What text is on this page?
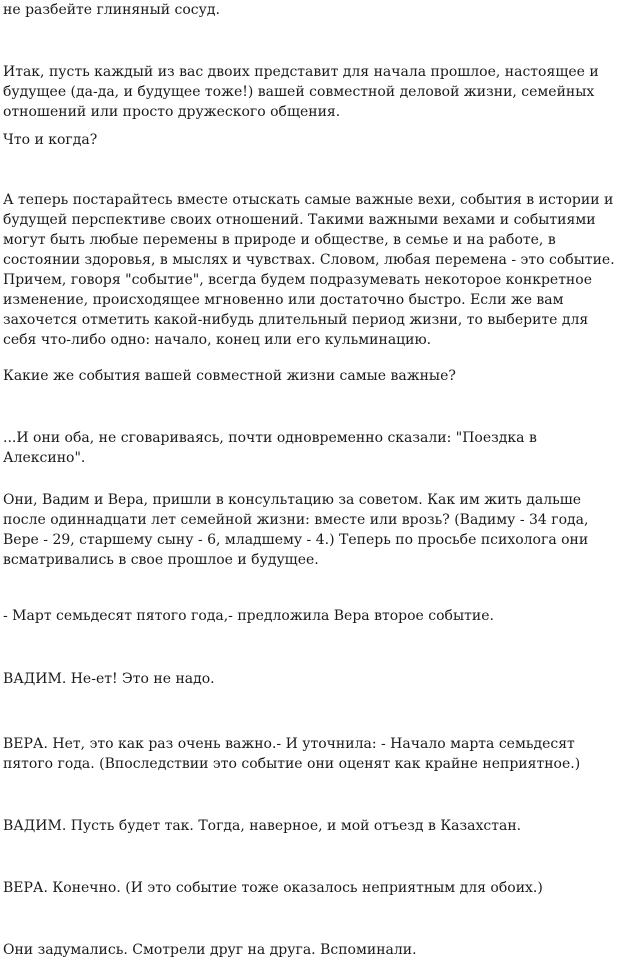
не разбейте глиняный сосуд.

Итак, пусть каждый из вас двоих представит для начала прошлое, настоящее и будущее (да-да, и будущее тоже!) вашей совместной деловой жизни, семейных отношений или просто дружеского общения.

Что и когда?

А теперь постарайтесь вместе отыскать самые важные вехи, события в истории и будущей перспективе своих отношений. Такими важными вехами и событиями могут быть любые перемены в природе и обществе, в семье и на работе, в состоянии здоровья, в мыслях и чувствах. Словом, любая перемена - это событие. Причем, говоря "событие", всегда будем подразумевать некоторое конкретное изменение, происходящее мгновенно или достаточно быстро. Если же вам захочется отметить какой-нибудь длительный период жизни, то выберите для себя что-либо одно: начало, конец или его кульминацию.

Какие же события вашей совместной жизни самые важные?

...И они оба, не сговариваясь, почти одновременно сказали: "Поездка в Алексино".

Они, Вадим и Вера, пришли в консультацию за советом. Как им жить дальше после одиннадцати лет семейной жизни: вместе или врозь? (Вадиму - 34 года, Вере - 29, старшему сыну - 6, младшему - 4.) Теперь по просьбе психолога они всматривались в свое прошлое и будущее.

- Март семьдесят пятого года,- предложила Вера второе событие.

ВАДИМ. Не-ет! Это не надо.

ВЕРА. Нет, это как раз очень важно.- И уточнила: - Начало марта семьдесят пятого года. (Впоследствии это событие они оценят как крайне неприятное.)

ВАДИМ. Пусть будет так. Тогда, наверное, и мой отъезд в Казахстан.

ВЕРА. Конечно. (И это событие тоже оказалось неприятным для обоих.)

Они задумались. Смотрели друг на друга. Вспоминали.
